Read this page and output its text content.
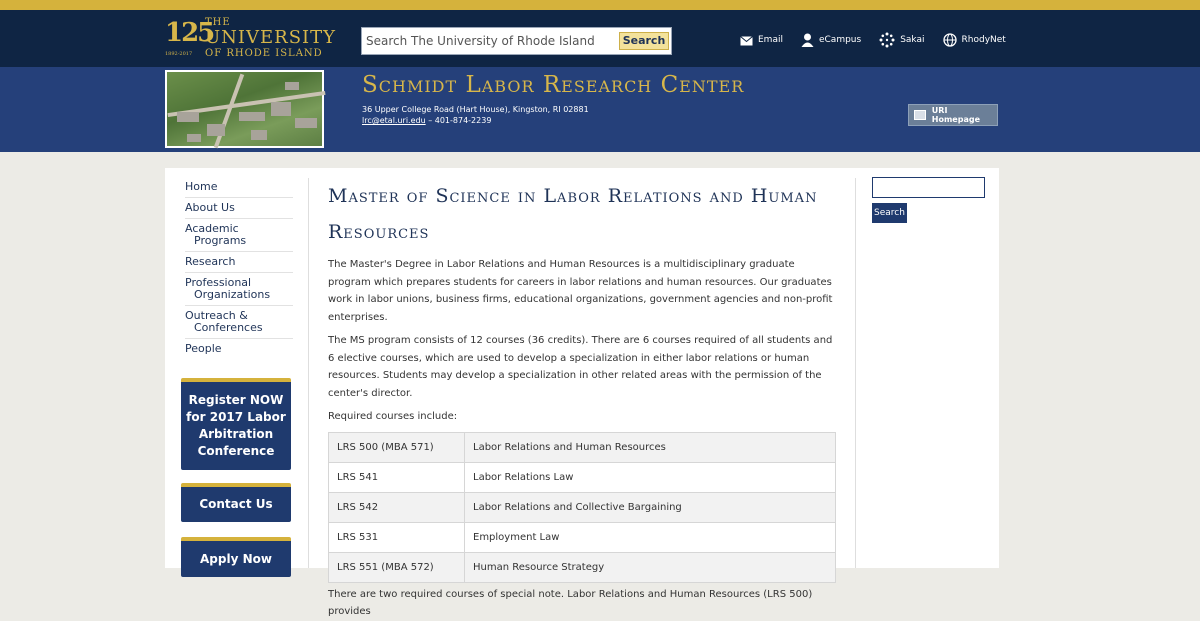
125
1892-2017
THE
UNIVERSITY
OF RHODE ISLAND
Search The University of Rhode Island
Search	Email	eCampus	Sakai	RhodyNet
Schmidt Labor Research Center
36 Upper College Road (Hart House), Kingston, RI 02881
lrc@etal.uri.edu – 401-874-2239
URI Homepage
Home
About Us
Academic
Programs
Research
Professional
Organizations
Outreach &
Conferences
People
Register NOW for 2017 Labor Arbitration Conference
Contact Us
Apply Now
Master of Science in Labor Relations and Human Resources

The Master's Degree in Labor Relations and Human Resources is a multidisciplinary graduate program which prepares students for careers in labor relations and human resources. Our graduates work in labor unions, business firms, educational organizations, government agencies and non-profit enterprises.

The MS program consists of 12 courses (36 credits). There are 6 courses required of all students and 6 elective courses, which are used to develop a specialization in either labor relations or human resources. Students may develop a specialization in other related areas with the permission of the center's director.

Required courses include:

LRS 500 (MBA 571)	Labor Relations and Human Resources
LRS 541	Labor Relations Law
LRS 542	Labor Relations and Collective Bargaining
LRS 531	Employment Law
LRS 551 (MBA 572)	Human Resource Strategy

There are two required courses of special note. Labor Relations and Human Resources (LRS 500) provides

Search
